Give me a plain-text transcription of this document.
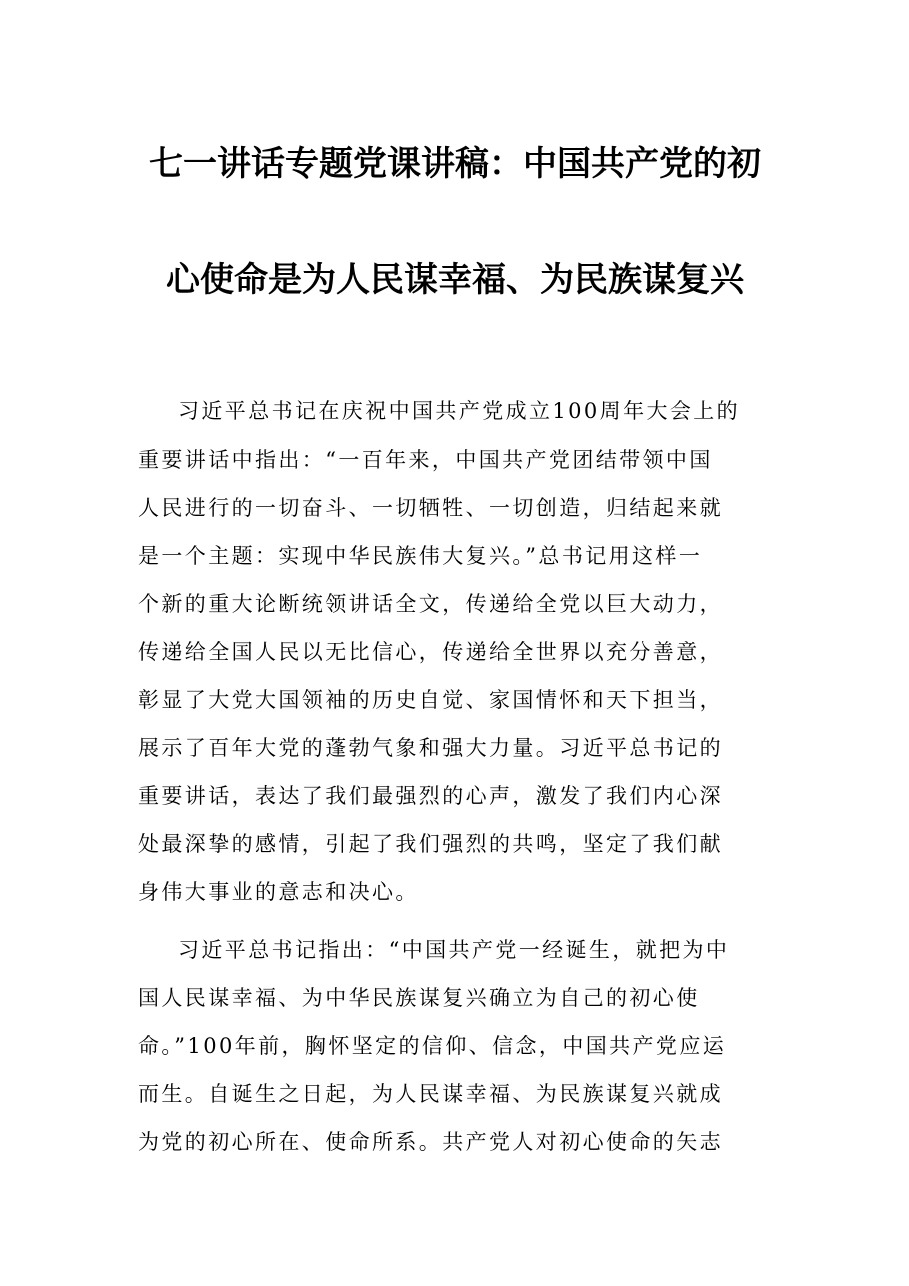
七一讲话专题党课讲稿：中国共产党的初
心使命是为人民谋幸福、为民族谋复兴
习近平总书记在庆祝中国共产党成立100周年大会上的
重要讲话中指出：“一百年来，中国共产党团结带领中国
人民进行的一切奋斗、一切牺牲、一切创造，归结起来就
是一个主题：实现中华民族伟大复兴。”总书记用这样一
个新的重大论断统领讲话全文，传递给全党以巨大动力，
传递给全国人民以无比信心，传递给全世界以充分善意，
彰显了大党大国领袖的历史自觉、家国情怀和天下担当，
展示了百年大党的蓬勃气象和强大力量。习近平总书记的
重要讲话，表达了我们最强烈的心声，激发了我们内心深
处最深挚的感情，引起了我们强烈的共鸣，坚定了我们献
身伟大事业的意志和决心。
习近平总书记指出：“中国共产党一经诞生，就把为中
国人民谋幸福、为中华民族谋复兴确立为自己的初心使
命。”100年前，胸怀坚定的信仰、信念，中国共产党应运
而生。自诞生之日起，为人民谋幸福、为民族谋复兴就成
为党的初心所在、使命所系。共产党人对初心使命的矢志
